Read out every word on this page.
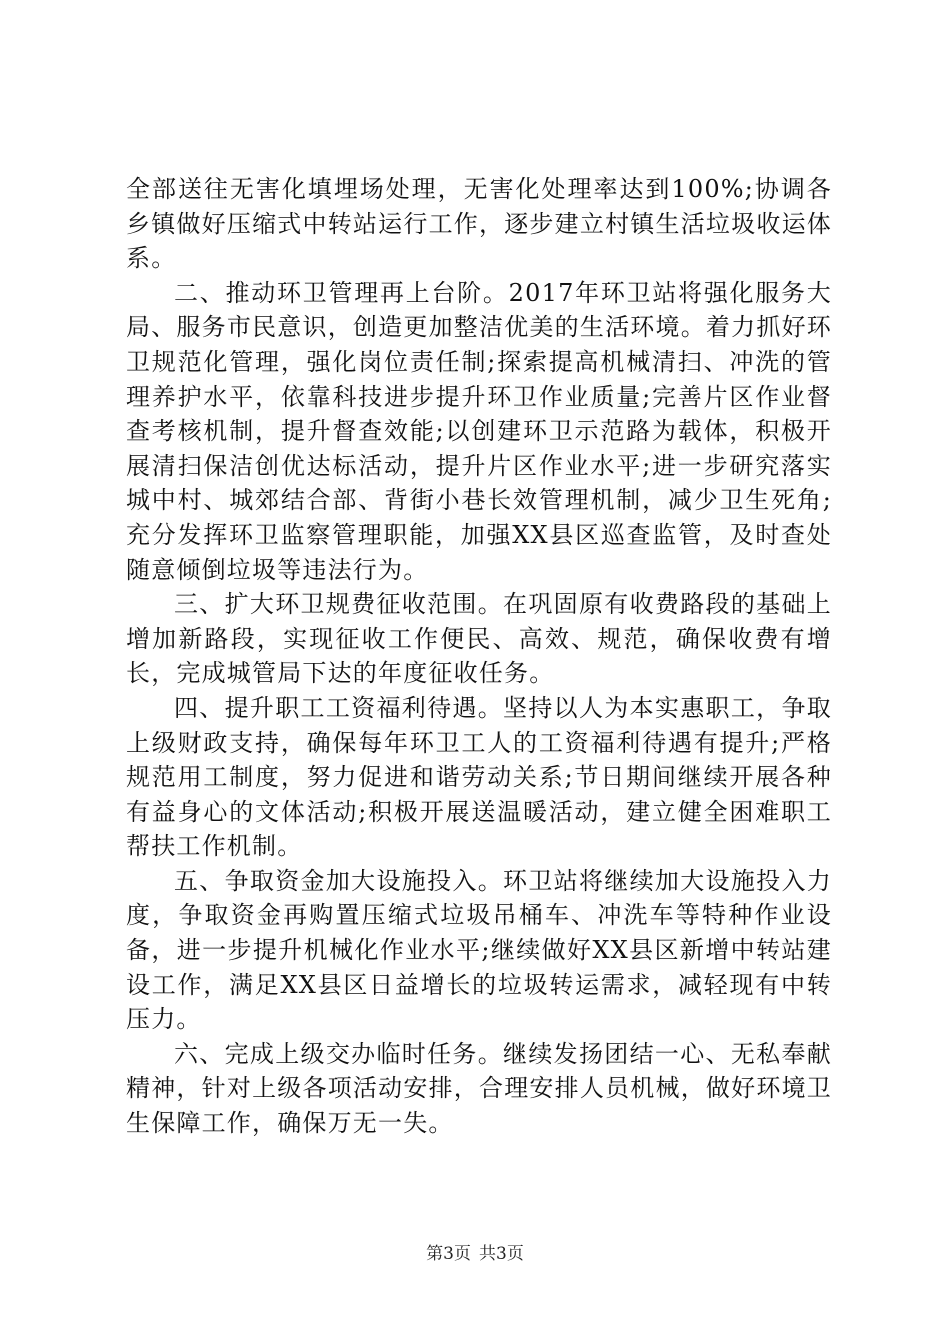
全部送往无害化填埋场处理，无害化处理率达到100%;协调各乡镇做好压缩式中转站运行工作，逐步建立村镇生活垃圾收运体系。

二、推动环卫管理再上台阶。2017年环卫站将强化服务大局、服务市民意识，创造更加整洁优美的生活环境。着力抓好环卫规范化管理，强化岗位责任制;探索提高机械清扫、冲洗的管理养护水平，依靠科技进步提升环卫作业质量;完善片区作业督查考核机制，提升督查效能;以创建环卫示范路为载体，积极开展清扫保洁创优达标活动，提升片区作业水平;进一步研究落实城中村、城郊结合部、背街小巷长效管理机制，减少卫生死角;充分发挥环卫监察管理职能，加强XX县区巡查监管，及时查处随意倾倒垃圾等违法行为。

三、扩大环卫规费征收范围。在巩固原有收费路段的基础上增加新路段，实现征收工作便民、高效、规范，确保收费有增长，完成城管局下达的年度征收任务。

四、提升职工工资福利待遇。坚持以人为本实惠职工，争取上级财政支持，确保每年环卫工人的工资福利待遇有提升;严格规范用工制度，努力促进和谐劳动关系;节日期间继续开展各种有益身心的文体活动;积极开展送温暖活动，建立健全困难职工帮扶工作机制。

五、争取资金加大设施投入。环卫站将继续加大设施投入力度，争取资金再购置压缩式垃圾吊桶车、冲洗车等特种作业设备，进一步提升机械化作业水平;继续做好XX县区新增中转站建设工作，满足XX县区日益增长的垃圾转运需求，减轻现有中转压力。

六、完成上级交办临时任务。继续发扬团结一心、无私奉献精神，针对上级各项活动安排，合理安排人员机械，做好环境卫生保障工作，确保万无一失。

第3页 共3页
